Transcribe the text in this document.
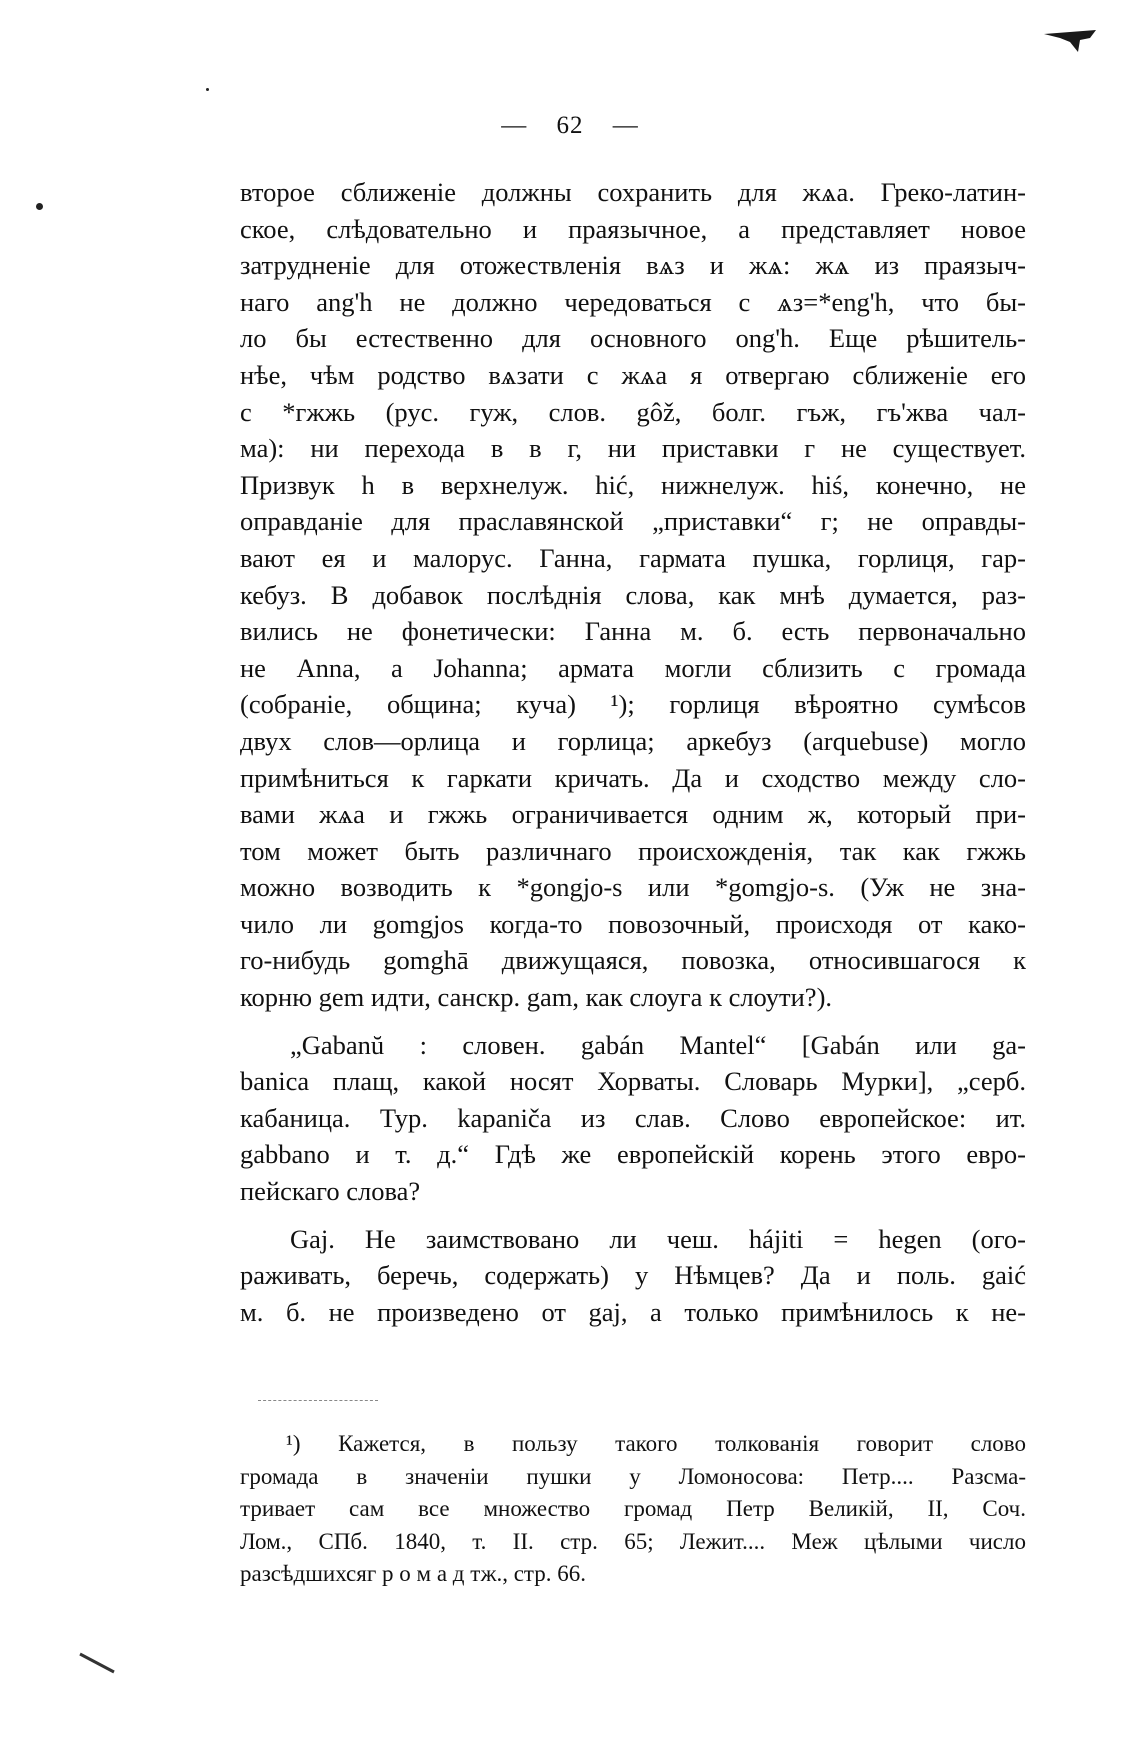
— 62 —
второе сближеніе должны сохранить для жѧа. Греко-латин-
ское, слѣдовательно и праязычное, a представляет новое
затрудненіе для отожествленія вѧз и жѧ: жѧ из праязыч-
наго ang'h не должно чередоваться с ѧз=*eng'h, что бы-
ло бы естественно для основного ong'h. Еще рѣшитель-
нѣе, чѣм родство вѧзати с жѧа я отвергаю сближеніе его
с *гжжь (рус. гуж, слов. gôž, болг. гъж, гъ'жва чал-
ма): ни перехода в в г, ни приставки г не существует.
Призвук h в верхнелуж. hić, нижнелуж. hiś, конечно, не
оправданіе для праславянской „приставки“ г; не оправды-
вают ея и малорус. Ганна, гармата пушка, горлиця, гар-
кебуз. В добавок послѣднія слова, как мнѣ думается, раз-
вились не фонетически: Ганна м. б. есть первоначально
не Anna, а Johanna; армата могли сблизить с громада
(собраніе, община; куча) ¹); горлиця вѣроятно сумѣсов
двух слов—орлица и горлица; аркебуз (arquebuse) могло
примѣниться к гаркати кричать. Да и сходство между сло-
вами жѧа и гжжь ограничивается одним ж, который при-
том может быть различнаго происхожденія, так как гжжь
можно возводить к *gongjo-s или *gomgjo-s. (Уж не зна-
чило ли gomgjos когда-то повозочный, происходя от како-
го-нибудь gomghā движущаяся, повозка, относившагося к
корню gem идти, санскр. gam, как слоуга к слоути?).
„Gabanŭ : словен. gabán Mantel“ [Gabán или ga-
banica плащ, какой носят Хорваты. Словарь Мурки], „серб.
кабаница. Тур. kapaniča из слав. Слово европейское: ит.
gabbano и т. д.“ Гдѣ же европейскій корень этого евро-
пейскаго слова?
Gaj. Не заимствовано ли чеш. hájiti = hegen (ого-
раживать, беречь, содержать) у Нѣмцев? Да и поль. gaić
м. б. не произведено от gaj, а только примѣнилось к не-
¹) Кажется, в пользу такого толкованія говорит слово
громада в значеніи пушки у Ломоносова: Петр.... Разсма-
тривает сам все множество громад Петр Великій, II, Соч.
Лом., СПб. 1840, т. II. стр. 65; Лежит.... Меж цѣлыми число
разсѣдшихсяг р о м а д тж., стр. 66.
